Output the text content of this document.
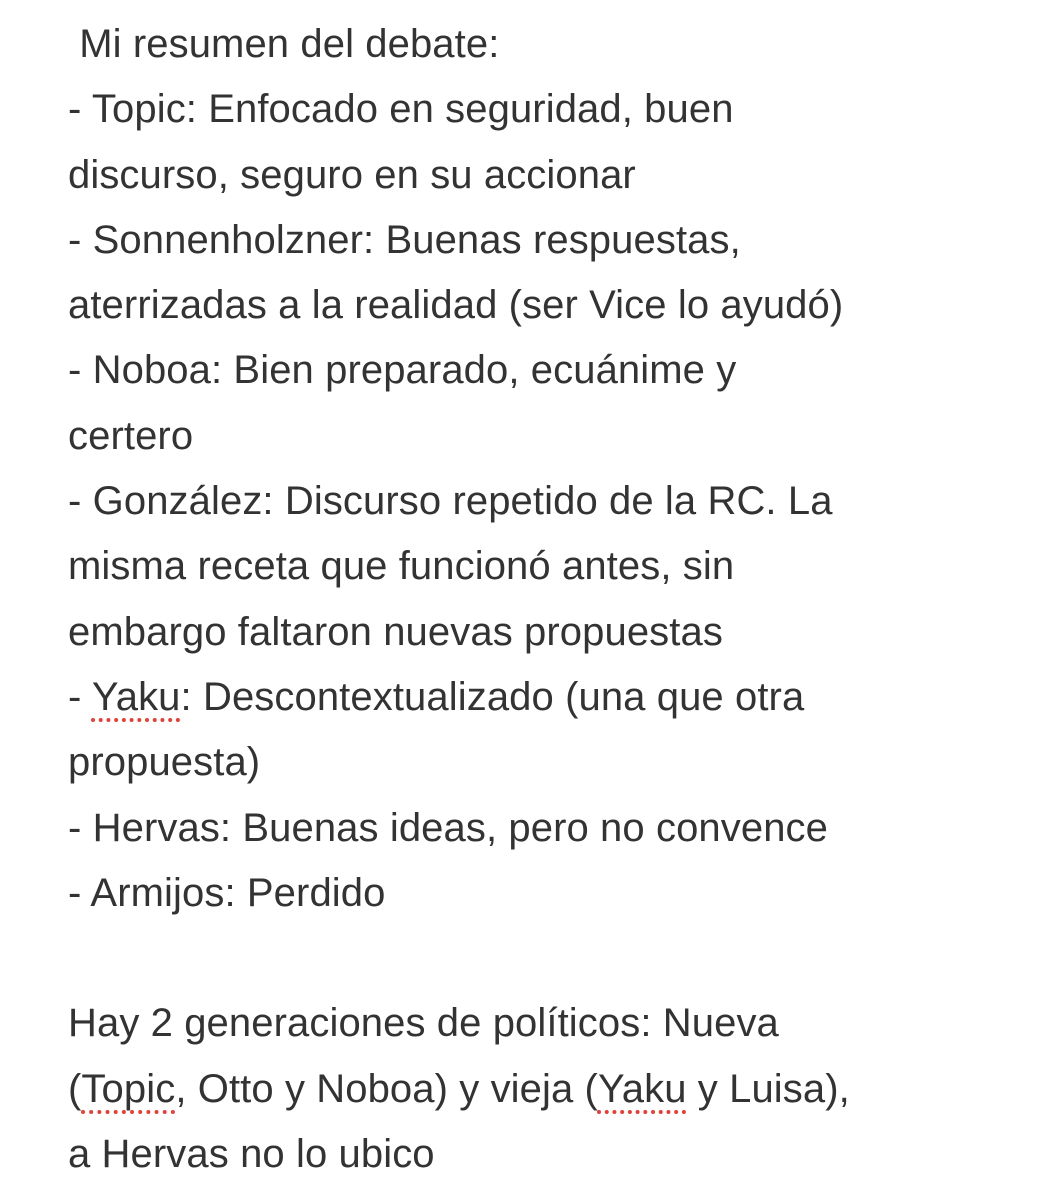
Mi resumen del debate:
- Topic: Enfocado en seguridad, buen
discurso, seguro en su accionar
- Sonnenholzner: Buenas respuestas,
aterrizadas a la realidad (ser Vice lo ayudó)
- Noboa: Bien preparado, ecuánime y
certero
- González: Discurso repetido de la RC. La
misma receta que funcionó antes, sin
embargo faltaron nuevas propuestas
- Yaku: Descontextualizado (una que otra
propuesta)
- Hervas: Buenas ideas, pero no convence
- Armijos: Perdido
Hay 2 generaciones de políticos: Nueva
(Topic, Otto y Noboa) y vieja (Yaku y Luisa),
a Hervas no lo ubico
